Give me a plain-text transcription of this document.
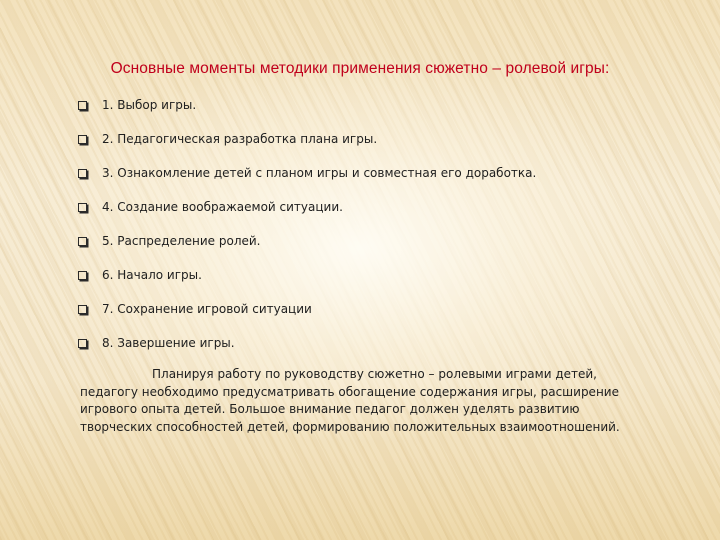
Основные моменты методики применения сюжетно – ролевой игры:
1. Выбор игры.
2. Педагогическая разработка плана игры.
3. Ознакомление детей с планом игры и совместная его доработка.
4. Создание воображаемой ситуации.
5. Распределение ролей.
6. Начало игры.
7. Сохранение игровой ситуации
8. Завершение игры.

Планируя работу по руководству сюжетно – ролевыми играми детей, педагогу необходимо предусматривать обогащение содержания игры, расширение игрового опыта детей. Большое внимание педагог должен уделять развитию творческих способностей детей, формированию положительных взаимоотношений.
